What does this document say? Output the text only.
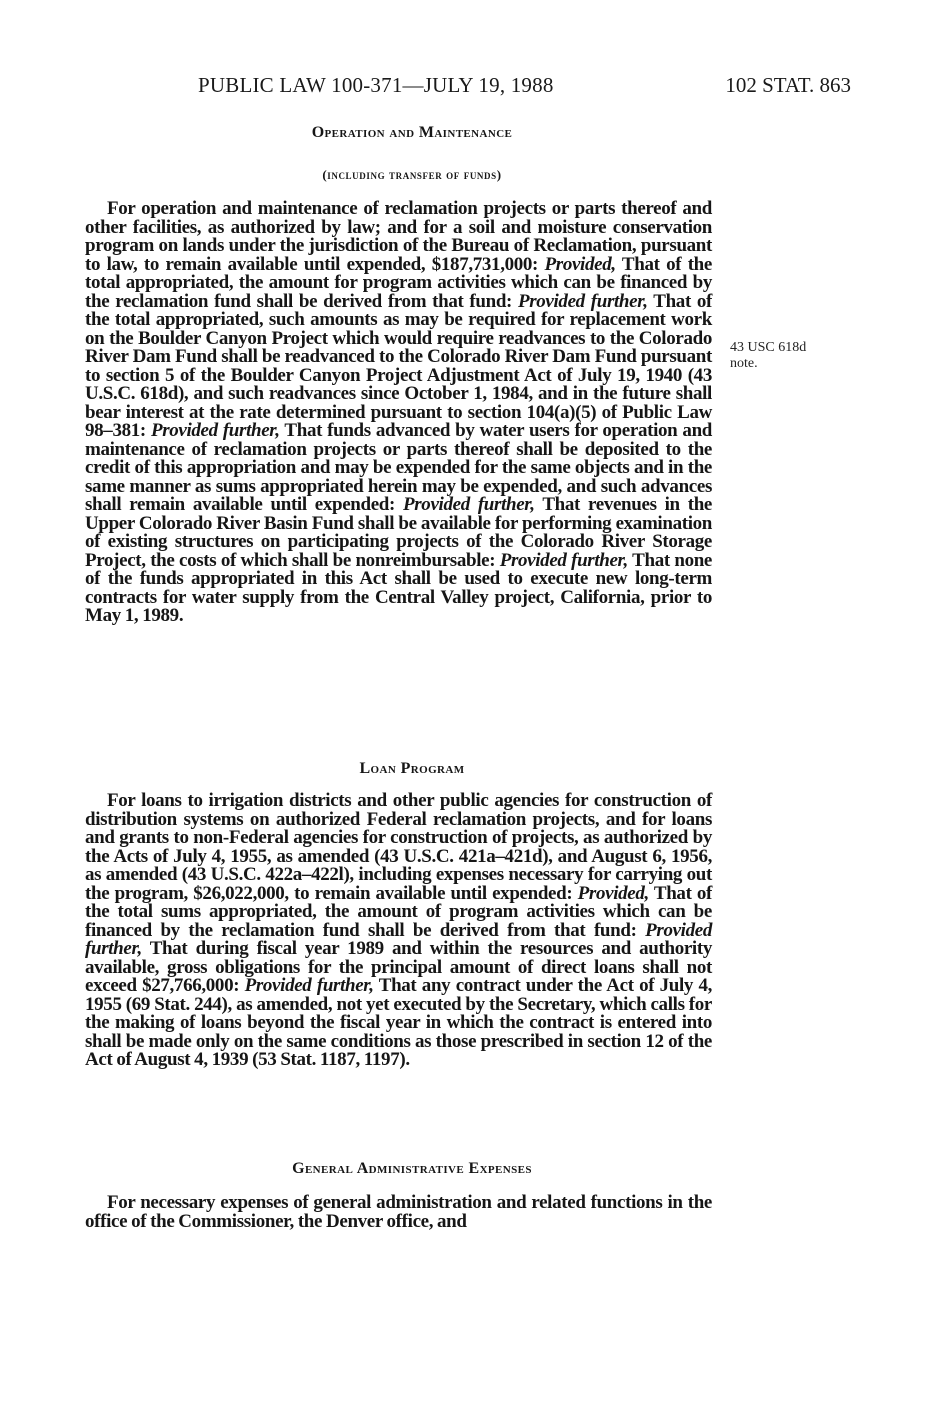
PUBLIC LAW 100-371—JULY 19, 1988	102 STAT. 863
Operation and Maintenance
(including transfer of funds)

For operation and maintenance of reclamation projects or parts thereof and other facilities, as authorized by law; and for a soil and moisture conservation program on lands under the jurisdiction of the Bureau of Reclamation, pursuant to law, to remain available until expended, $187,731,000: Provided, That of the total appropriated, the amount for program activities which can be financed by the reclamation fund shall be derived from that fund: Provided further, That of the total appropriated, such amounts as may be required for replacement work on the Boulder Canyon Project which would require readvances to the Colorado River Dam Fund shall be readvanced to the Colorado River Dam Fund pursuant to section 5 of the Boulder Canyon Project Adjustment Act of July 19, 1940 (43 U.S.C. 618d), and such readvances since October 1, 1984, and in the future shall bear interest at the rate determined pursuant to section 104(a)(5) of Public Law 98–381: Provided further, That funds advanced by water users for operation and maintenance of reclamation projects or parts thereof shall be deposited to the credit of this appropriation and may be expended for the same objects and in the same manner as sums appropriated herein may be expended, and such advances shall remain available until expended: Provided further, That revenues in the Upper Colorado River Basin Fund shall be available for performing examination of existing structures on participating projects of the Colorado River Storage Project, the costs of which shall be nonreimbursable: Provided further, That none of the funds appropriated in this Act shall be used to execute new long-term contracts for water supply from the Central Valley project, California, prior to May 1, 1989.

43 USC 618d
note.
Loan Program

For loans to irrigation districts and other public agencies for construction of distribution systems on authorized Federal reclamation projects, and for loans and grants to non-Federal agencies for construction of projects, as authorized by the Acts of July 4, 1955, as amended (43 U.S.C. 421a–421d), and August 6, 1956, as amended (43 U.S.C. 422a–422l), including expenses necessary for carrying out the program, $26,022,000, to remain available until expended: Provided, That of the total sums appropriated, the amount of program activities which can be financed by the reclamation fund shall be derived from that fund: Provided further, That during fiscal year 1989 and within the resources and authority available, gross obligations for the principal amount of direct loans shall not exceed $27,766,000: Provided further, That any contract under the Act of July 4, 1955 (69 Stat. 244), as amended, not yet executed by the Secretary, which calls for the making of loans beyond the fiscal year in which the contract is entered into shall be made only on the same conditions as those prescribed in section 12 of the Act of August 4, 1939 (53 Stat. 1187, 1197).

General Administrative Expenses

For necessary expenses of general administration and related functions in the office of the Commissioner, the Denver office, and
